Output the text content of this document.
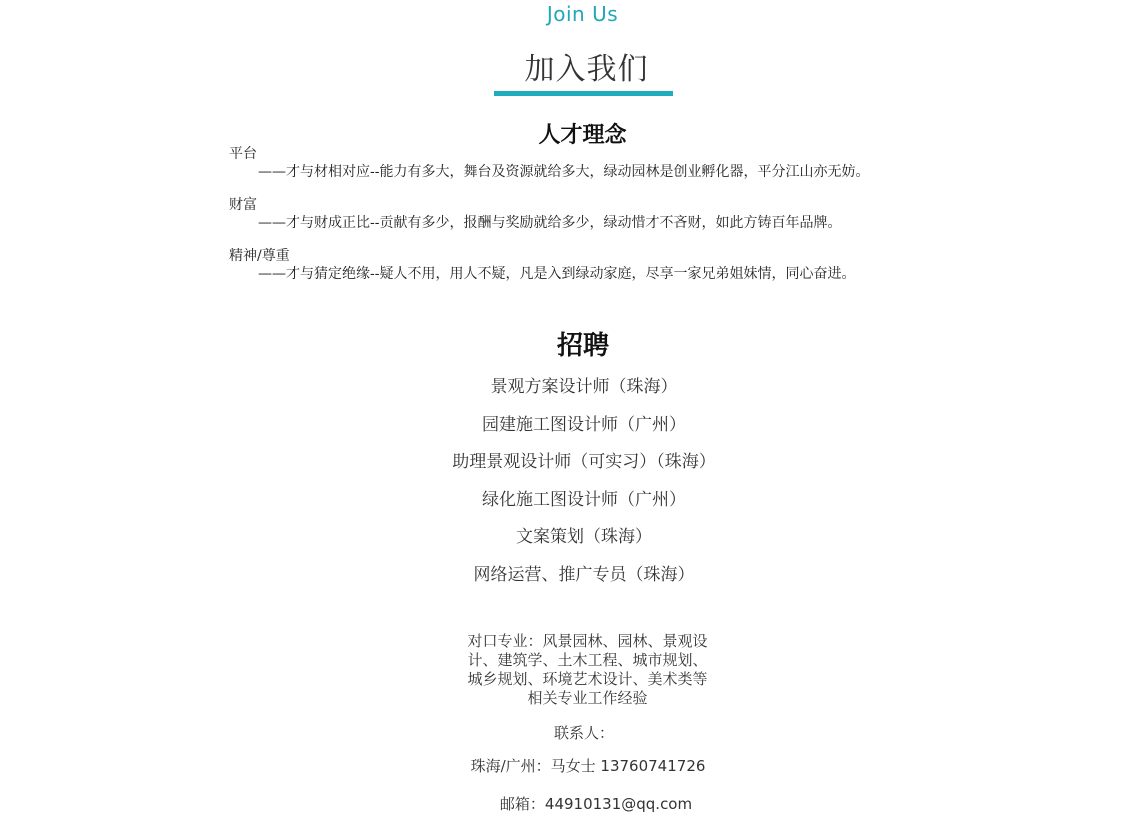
Join Us
加入我们
人才理念
平台
——才与材相对应--能力有多大，舞台及资源就给多大，绿动园林是创业孵化器，平分江山亦无妨。
财富
——才与财成正比--贡献有多少，报酬与奖励就给多少，绿动惜才不吝财，如此方铸百年品牌。
精神/尊重
——才与猜定绝缘--疑人不用，用人不疑，凡是入到绿动家庭，尽享一家兄弟姐妹情，同心奋进。
招聘
景观方案设计师（珠海）
园建施工图设计师（广州）
助理景观设计师（可实习）（珠海）
绿化施工图设计师（广州）
文案策划（珠海）
网络运营、推广专员（珠海）
对口专业：风景园林、园林、景观设
计、建筑学、土木工程、城市规划、
城乡规划、环境艺术设计、美术类等
相关专业工作经验
联系人：
珠海/广州：马女士 13760741726
邮箱：44910131@qq.com
